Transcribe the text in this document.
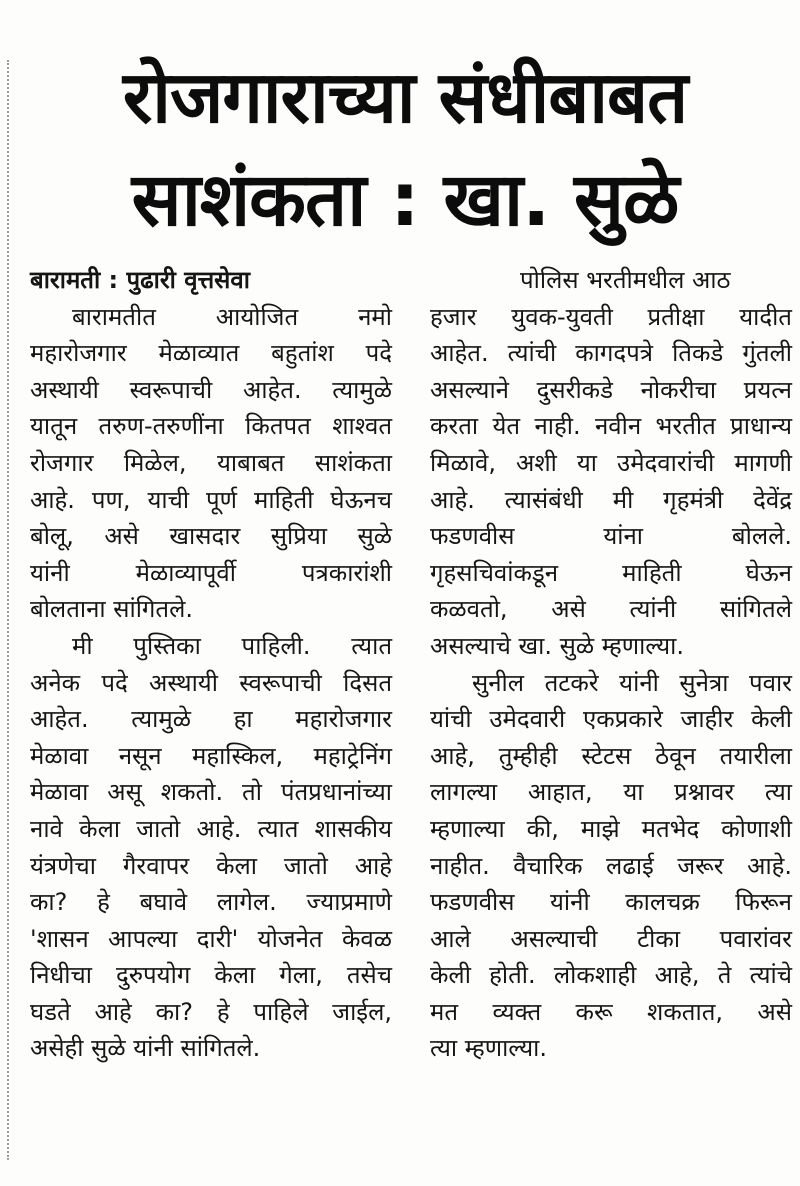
रोजगाराच्या संधीबाबत
साशंकता : खा. सुळे
बारामती : पुढारी वृत्तसेवा
बारामतीत आयोजित नमो
महारोजगार मेळाव्यात बहुतांश पदे
अस्थायी स्वरूपाची आहेत. त्यामुळे
यातून तरुण-तरुणींना कितपत शाश्वत
रोजगार मिळेल, याबाबत साशंकता
आहे. पण, याची पूर्ण माहिती घेऊनच
बोलू, असे खासदार सुप्रिया सुळे
यांनी मेळाव्यापूर्वी पत्रकारांशी
बोलताना सांगितले.
मी पुस्तिका पाहिली. त्यात
अनेक पदे अस्थायी स्वरूपाची दिसत
आहेत. त्यामुळे हा महारोजगार
मेळावा नसून महास्किल, महाट्रेनिंग
मेळावा असू शकतो. तो पंतप्रधानांच्या
नावे केला जातो आहे. त्यात शासकीय
यंत्रणेचा गैरवापर केला जातो आहे
का? हे बघावे लागेल. ज्याप्रमाणे
'शासन आपल्या दारी' योजनेत केवळ
निधीचा दुरुपयोग केला गेला, तसेच
घडते आहे का? हे पाहिले जाईल,
असेही सुळे यांनी सांगितले.
पोलिस भरतीमधील आठ
हजार युवक-युवती प्रतीक्षा यादीत
आहेत. त्यांची कागदपत्रे तिकडे गुंतली
असल्याने दुसरीकडे नोकरीचा प्रयत्न
करता येत नाही. नवीन भरतीत प्राधान्य
मिळावे, अशी या उमेदवारांची मागणी
आहे. त्यासंबंधी मी गृहमंत्री देवेंद्र
फडणवीस यांना बोलले.
गृहसचिवांकडून माहिती घेऊन
कळवतो, असे त्यांनी सांगितले
असल्याचे खा. सुळे म्हणाल्या.
सुनील तटकरे यांनी सुनेत्रा पवार
यांची उमेदवारी एकप्रकारे जाहीर केली
आहे, तुम्हीही स्टेटस ठेवून तयारीला
लागल्या आहात, या प्रश्नावर त्या
म्हणाल्या की, माझे मतभेद कोणाशी
नाहीत. वैचारिक लढाई जरूर आहे.
फडणवीस यांनी कालचक्र फिरून
आले असल्याची टीका पवारांवर
केली होती. लोकशाही आहे, ते त्यांचे
मत व्यक्त करू शकतात, असे
त्या म्हणाल्या.
